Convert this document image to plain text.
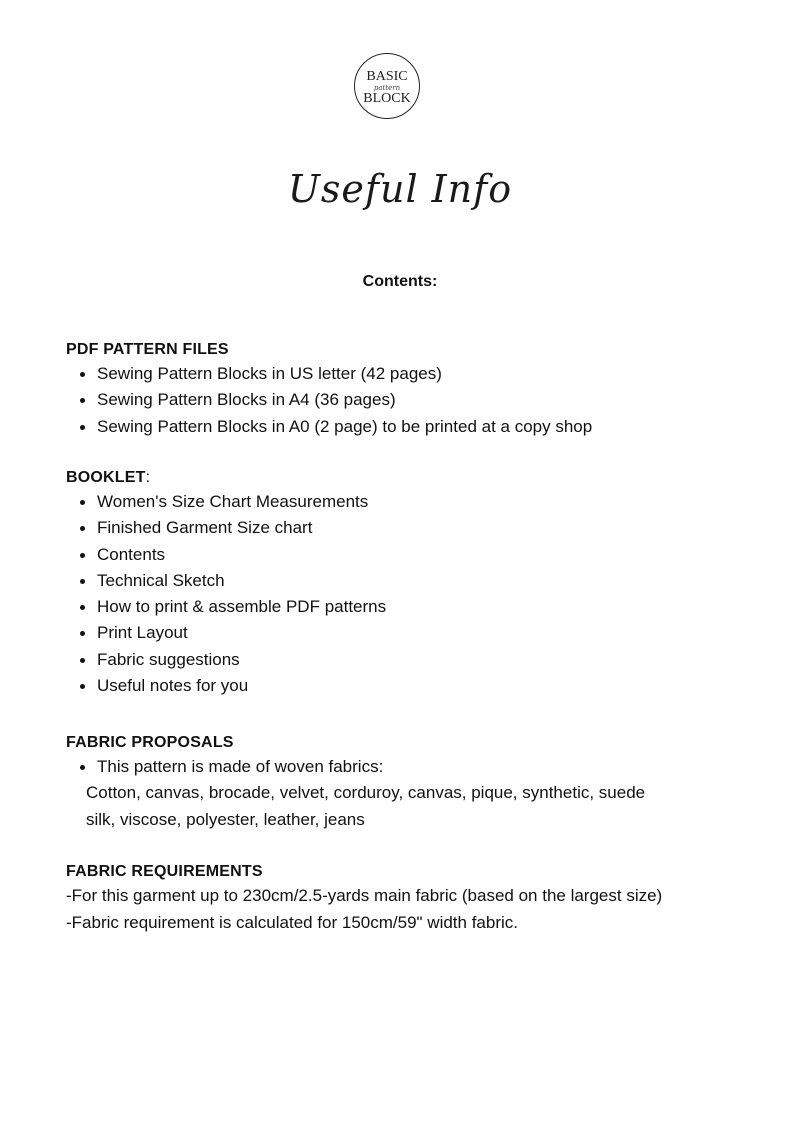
BASIC
pattern
BLOCK
Useful Info
Contents:
PDF PATTERN FILES
Sewing Pattern Blocks in US letter (42 pages)
Sewing Pattern Blocks in A4 (36 pages)
Sewing Pattern Blocks in A0 (2 page) to be printed at a copy shop
BOOKLET:
Women's Size Chart Measurements
Finished Garment Size chart
Contents
Technical Sketch
How to print & assemble PDF patterns
Print Layout
Fabric suggestions
Useful notes for you
FABRIC PROPOSALS
This pattern is made of woven fabrics:
Cotton, canvas, brocade, velvet, corduroy, canvas, pique, synthetic, suede
silk, viscose, polyester, leather, jeans
FABRIC REQUIREMENTS
-For this garment up to 230cm/2.5-yards main fabric (based on the largest size)
-Fabric requirement is calculated for 150cm/59" width fabric.
